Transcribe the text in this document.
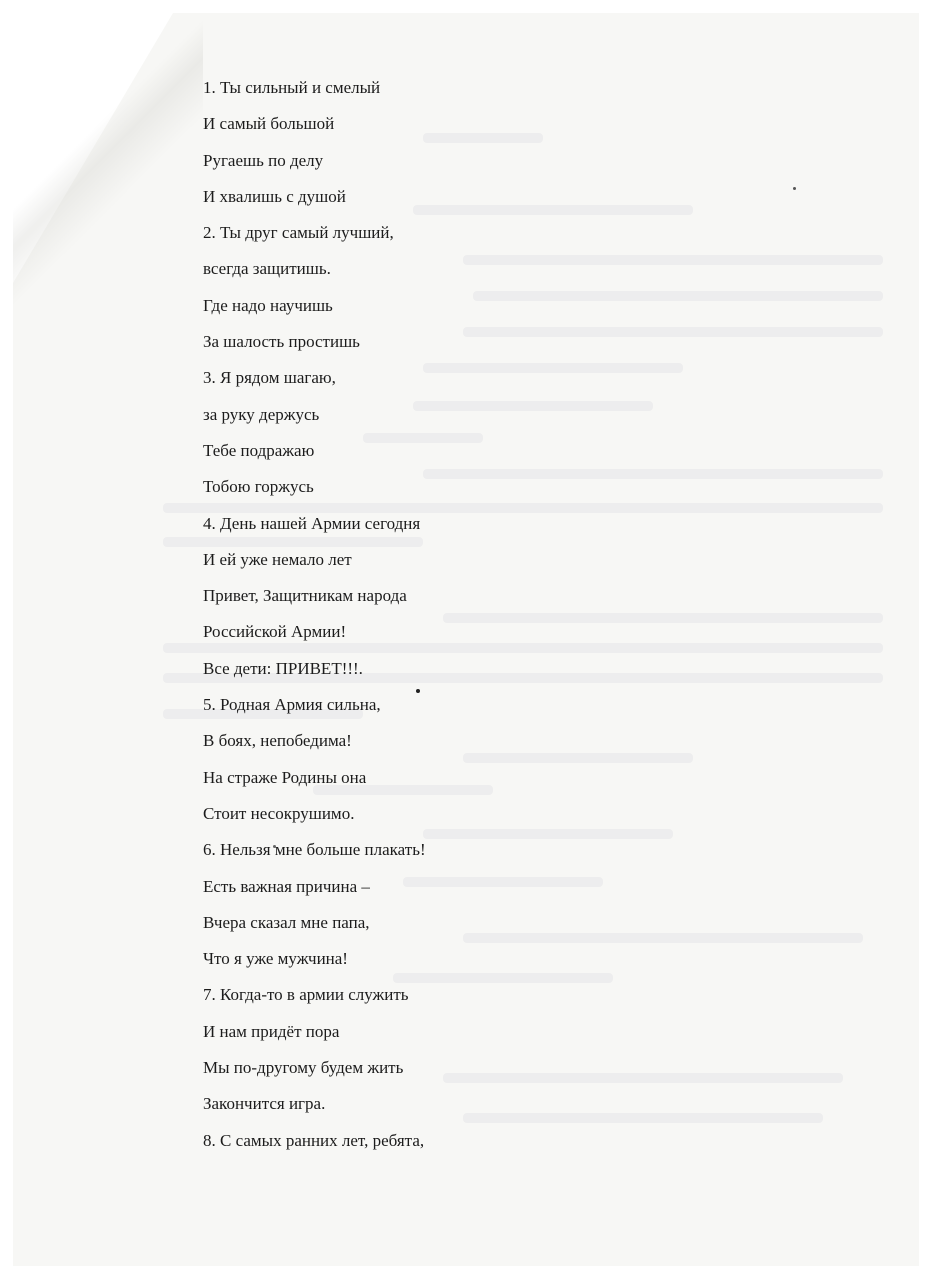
1. Ты сильный и смелый
И самый большой
Ругаешь по делу
И хвалишь с душой
2. Ты друг самый лучший,
всегда защитишь.
Где надо научишь
За шалость простишь
3. Я рядом шагаю,
за руку держусь
Тебе подражаю
Тобою горжусь
4. День нашей Армии сегодня
И ей уже немало лет
Привет, Защитникам народа
Российской Армии!
Все дети: ПРИВЕТ!!!.
5. Родная Армия сильна,
В боях, непобедима!
На страже Родины она
Стоит несокрушимо.
6. Нельзя мне больше плакать!
Есть важная причина –
Вчера сказал мне папа,
Что я уже мужчина!
7. Когда-то в армии служить
И нам придёт пора
Мы по-другому будем жить
Закончится игра.
8. С самых ранних лет, ребята,
